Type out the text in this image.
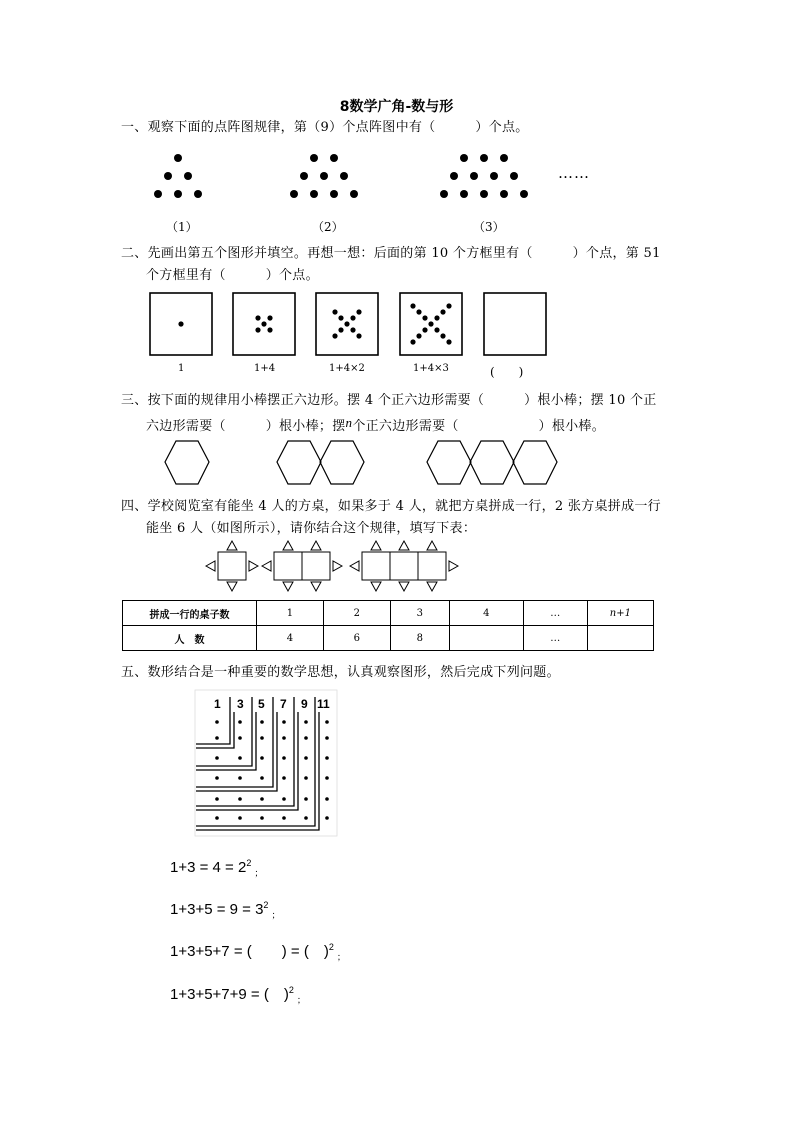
8数学广角-数与形
一、观察下面的点阵图规律，第（9）个点阵图中有（　　　）个点。
……
（1）	（2）	（3）
二、先画出第五个图形并填空。再想一想：后面的第 10 个方框里有（　　　）个点，第 51
个方框里有（　　　）个点。
1	1+4	1+4×2	1+4×3	(　　)
三、按下面的规律用小棒摆正六边形。摆 4 个正六边形需要（　　　）根小棒；摆 10 个正
六边形需要（　　　）根小棒；摆n个正六边形需要（　　　　　　）根小棒。
四、学校阅览室有能坐 4 人的方桌，如果多于 4 人，就把方桌拼成一行，2 张方桌拼成一行
能坐 6 人（如图所示），请你结合这个规律，填写下表：
拼成一行的桌子数	1	2	3	4	…	n+1
人　数	4	6	8		…	
五、数形结合是一种重要的数学思想，认真观察图形，然后完成下列问题。
1 3 5 7 9 11
$1+3 = 4 = 2^2_;$
$1+3+5 = 9 = 3^2_;$
1+3+5+7 = (　　) = (　)$^2_;$
1+3+5+7+9 = (　)$^2_;$
